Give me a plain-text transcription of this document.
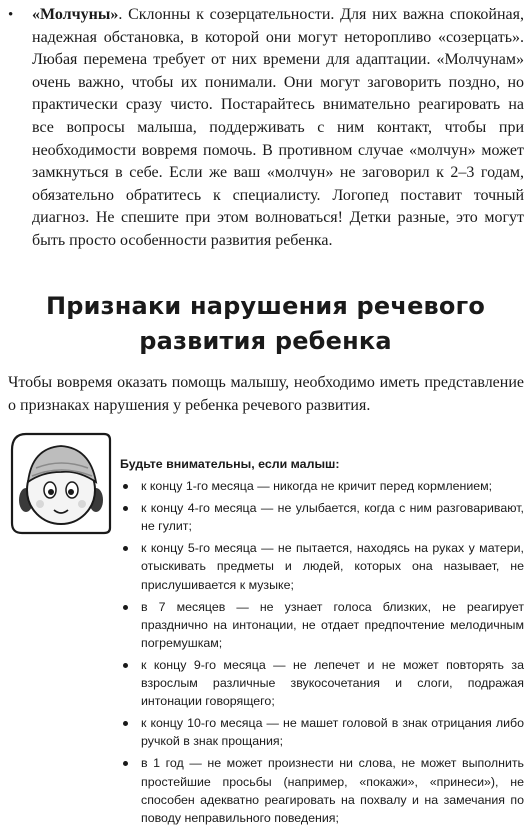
• «Молчуны». Склонны к созерцательности. Для них важна спокойная, надежная обстановка, в которой они могут неторопливо «созерцать». Любая перемена требует от них времени для адаптации. «Молчунам» очень важно, чтобы их понимали. Они могут заговорить поздно, но практически сразу чисто. Постарайтесь внимательно реагировать на все вопросы малыша, поддерживать с ним контакт, чтобы при необходимости вовремя помочь. В противном случае «молчун» может замкнуться в себе. Если же ваш «молчун» не заговорил к 2–3 годам, обязательно обратитесь к специалисту. Логопед поставит точный диагноз. Не спешите при этом волноваться! Детки разные, это могут быть просто особенности развития ребенка.
Признаки нарушения речевого
развития ребенка
Чтобы вовремя оказать помощь малышу, необходимо иметь представление о признаках нарушения у ребенка речевого развития.
Будьте внимательны, если малыш:
к концу 1-го месяца — никогда не кричит перед кормлением;
к концу 4-го месяца — не улыбается, когда с ним разговаривают, не гулит;
к концу 5-го месяца — не пытается, находясь на руках у матери, отыскивать предметы и людей, которых она называет, не прислушивается к музыке;
в 7 месяцев — не узнает голоса близких, не реагирует празднично на интонации, не отдает предпочтение мелодичным погремушкам;
к концу 9-го месяца — не лепечет и не может повторять за взрослым различные звукосочетания и слоги, подражая интонации говорящего;
к концу 10-го месяца — не машет головой в знак отрицания либо ручкой в знак прощания;
в 1 год — не может произнести ни слова, не может выполнить простейшие просьбы (например, «покажи», «принеси»), не способен адекватно реагировать на похвалу и на замечания по поводу неправильного поведения;
